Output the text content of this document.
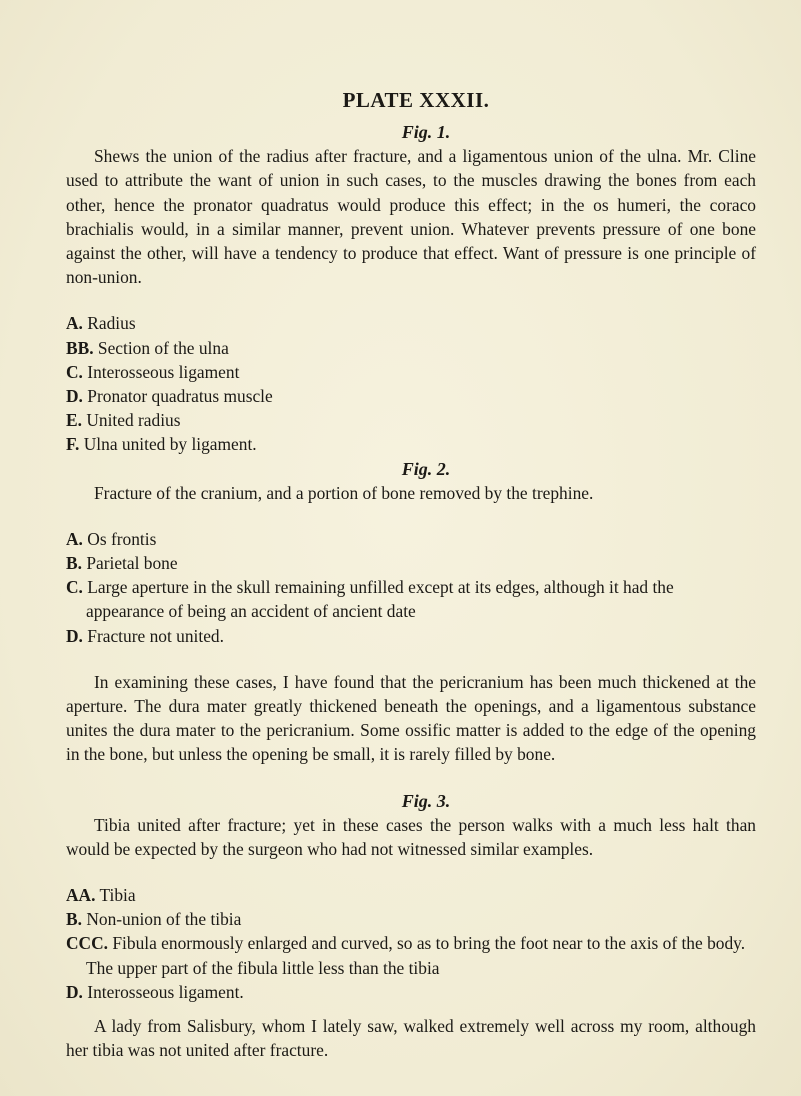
PLATE XXXII.

Fig. 1.

Shews the union of the radius after fracture, and a ligamentous union of the ulna. Mr. Cline used to attribute the want of union in such cases, to the muscles drawing the bones from each other, hence the pronator quadratus would produce this effect; in the os humeri, the coraco brachialis would, in a similar manner, prevent union. Whatever prevents pressure of one bone against the other, will have a tendency to produce that effect. Want of pressure is one principle of non-union.

A. Radius
BB. Section of the ulna
C. Interosseous ligament
D. Pronator quadratus muscle
E. United radius
F. Ulna united by ligament.

Fig. 2.

Fracture of the cranium, and a portion of bone removed by the trephine.

A. Os frontis
B. Parietal bone
C. Large aperture in the skull remaining unfilled except at its edges, although it had the appearance of being an accident of ancient date
D. Fracture not united.

In examining these cases, I have found that the pericranium has been much thickened at the aperture. The dura mater greatly thickened beneath the openings, and a ligamentous substance unites the dura mater to the pericranium. Some ossific matter is added to the edge of the opening in the bone, but unless the opening be small, it is rarely filled by bone.

Fig. 3.

Tibia united after fracture; yet in these cases the person walks with a much less halt than would be expected by the surgeon who had not witnessed similar examples.

AA. Tibia
B. Non-union of the tibia
CCC. Fibula enormously enlarged and curved, so as to bring the foot near to the axis of the body. The upper part of the fibula little less than the tibia
D. Interosseous ligament.

A lady from Salisbury, whom I lately saw, walked extremely well across my room, although her tibia was not united after fracture.
